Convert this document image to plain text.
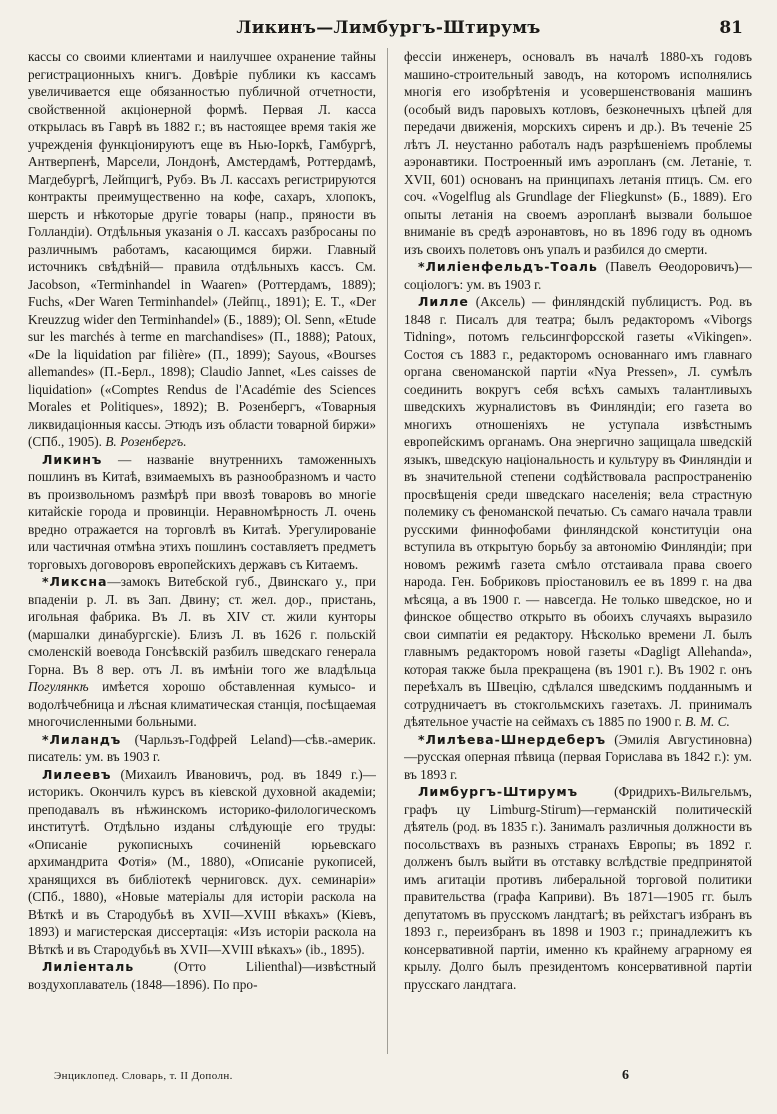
Ликинъ—Лимбургъ-Штирумъ	81

кассы со своими клиентами и наилучшее охранение тайны регистрационныхъ книгъ. Довѣріе публики къ кассамъ увеличивается еще обязанностью публичной отчетности, свойственной акціонерной формѣ. Первая Л. касса открылась въ Гаврѣ въ 1882 г.; въ настоящее время такія же учрежденія функціонируютъ еще въ Нью-Іоркѣ, Гамбургѣ, Антверпенѣ, Марсели, Лондонѣ, Амстердамѣ, Роттердамѣ, Магдебургѣ, Лейпцигѣ, Рубэ. Въ Л. кассахъ регистрируются контракты преимущественно на кофе, сахаръ, хлопокъ, шерсть и нѣкоторые другіе товары (напр., пряности въ Голландіи). Отдѣльныя указанія о Л. кассахъ разбросаны по различнымъ работамъ, касающимся биржи. Главный источникъ свѣдѣній— правила отдѣльныхъ кассъ. См. Jacobson, «Terminhandel in Waaren» (Роттердамъ, 1889); Fuchs, «Der Waren Terminhandel» (Лейпц., 1891); E. T., «Der Kreuzzug wider den Terminhandel» (Б., 1889); Ol. Senn, «Etude sur les marchés à terme en marchandises» (П., 1888); Patoux, «De la liquidation par filière» (П., 1899); Sayous, «Bourses allemandes» (П.-Берл., 1898); Claudio Jannet, «Les caisses de liquidation» («Comptes Rendus de l'Académie des Sciences Morales et Politiques», 1892); В. Розенбергъ, «Товарныя ликвидаціонныя кассы. Этюдъ изъ области товарной биржи» (СПб., 1905). В. Розенбергъ.

Ликинъ — названіе внутреннихъ таможенныхъ пошлинъ въ Китаѣ, взимаемыхъ въ разнообразномъ и часто въ произвольномъ размѣрѣ при ввозѣ товаровъ во многіе китайскіе города и провинціи. Неравномѣрность Л. очень вредно отражается на торговлѣ въ Китаѣ. Урегулированіе или частичная отмѣна этихъ пошлинъ составляетъ предметъ торговыхъ договоровъ европейскихъ державъ съ Китаемъ.

*Ликсна—замокъ Витебской губ., Двинскаго у., при впаденіи р. Л. въ Зап. Двину; ст. жел. дор., пристань, игольная фабрика. Въ Л. въ XIV ст. жили кунторы (маршалки динабургскіе). Близъ Л. въ 1626 г. польскій смоленскій воевода Гонсѣвскій разбилъ шведскаго генерала Горна. Въ 8 вер. отъ Л. въ имѣніи того же владѣльца Погулянкѣ имѣется хорошо обставленная кумысо- и водолѣчебница и лѣсная климатическая станція, посѣщаемая многочисленными больными.

*Лиландъ (Чарльзъ-Годфрей Leland)—сѣв.-америк. писатель: ум. въ 1903 г.

Лилеевъ (Михаилъ Ивановичъ, род. въ 1849 г.)—историкъ. Окончилъ курсъ въ кіевской духовной академіи; преподавалъ въ нѣжинскомъ историко-филологическомъ институтѣ. Отдѣльно изданы слѣдующіе его труды: «Описаніе рукописныхъ сочиненій юрьевскаго архимандрита Фотія» (М., 1880), «Описаніе рукописей, хранящихся въ библіотекѣ черниговск. дух. семинаріи» (СПб., 1880), «Новые матеріалы для исторіи раскола на Вѣткѣ и въ Стародубьѣ въ XVII—XVIII вѣкахъ» (Кіевъ, 1893) и магистерская диссертація: «Изъ исторіи раскола на Вѣткѣ и въ Стародубьѣ въ XVII—XVIII вѣкахъ» (ib., 1895).

Лиліенталь (Отто Lilienthal)—извѣстный воздухоплаватель (1848—1896). По про-

фессіи инженеръ, основалъ въ началѣ 1880-хъ годовъ машино-строительный заводъ, на которомъ исполнялись многія его изобрѣтенія и усовершенствованія машинъ (особый видъ паровыхъ котловъ, безконечныхъ цѣпей для передачи движенія, морскихъ сиренъ и др.). Въ теченіе 25 лѣтъ Л. неустанно работалъ надъ разрѣшеніемъ проблемы аэронавтики. Построенный имъ аэропланъ (см. Летаніе, т. XVII, 601) основанъ на принципахъ летанія птицъ. См. его соч. «Vogelflug als Grundlage der Fliegkunst» (Б., 1889). Его опыты летанія на своемъ аэропланѣ вызвали большое вниманіе въ средѣ аэронавтовъ, но въ 1896 году въ одномъ изъ своихъ полетовъ онъ упалъ и разбился до смерти.

*Лиліенфельдъ-Тоаль (Павелъ Өеодоровичъ)—соціологъ: ум. въ 1903 г.

Лилле (Аксель) — финляндскій публицистъ. Род. въ 1848 г. Писалъ для театра; былъ редакторомъ «Viborgs Tidning», потомъ гельсингфорсской газеты «Vikingen». Состоя съ 1883 г., редакторомъ основаннаго имъ главнаго органа свеноманской партіи «Nya Pressen», Л. сумѣлъ соединить вокругъ себя всѣхъ самыхъ талантливыхъ шведскихъ журналистовъ въ Финляндіи; его газета во многихъ отношеніяхъ не уступала извѣстнымъ европейскимъ органамъ. Она энергично защищала шведскій языкъ, шведскую національность и культуру въ Финляндіи и въ значительной степени содѣйствовала распространенію просвѣщенія среди шведскаго населенія; вела страстную полемику съ феноманской печатью. Съ самаго начала травли русскими финнофобами финляндской конституціи она вступила въ открытую борьбу за автономію Финляндіи; при новомъ режимѣ газета смѣло отстаивала права своего народа. Ген. Бобриковъ пріостановилъ ее въ 1899 г. на два мѣсяца, а въ 1900 г. — навсегда. Не только шведское, но и финское общество открыто въ обоихъ случаяхъ выразило свои симпатіи ея редактору. Нѣсколько времени Л. былъ главнымъ редакторомъ новой газеты «Dagligt Allehanda», которая также была прекращена (въ 1901 г.). Въ 1902 г. онъ переѣхалъ въ Швецію, сдѣлался шведскимъ подданнымъ и сотрудничаетъ въ стокгольмскихъ газетахъ. Л. принималъ дѣятельное участіе на сеймахъ съ 1885 по 1900 г. В. М. С.

*Лилѣева-Шнердеберъ (Эмилія Августиновна)—русская оперная пѣвица (первая Гориславa въ 1842 г.): ум. въ 1893 г.

Лимбургъ-Штирумъ (Фридрихъ-Вильгельмъ, графъ цу Limburg-Stirum)—германскій политическій дѣятель (род. въ 1835 г.). Занималъ различныя должности въ посольствахъ въ разныхъ странахъ Европы; въ 1892 г. долженъ былъ выйти въ отставку вслѣдствіе предпринятой имъ агитаціи противъ либеральной торговой политики правительства (графа Каприви). Въ 1871—1905 гг. былъ депутатомъ въ прусскомъ ландтагѣ; въ рейхстагъ избранъ въ 1893 г., переизбранъ въ 1898 и 1903 г.; принадлежитъ къ консервативной партіи, именно къ крайнему аграрному ея крылу. Долго былъ президентомъ консервативной партіи прусскаго ландтага.

Энциклопед. Словарь, т. II Дополн.	6
